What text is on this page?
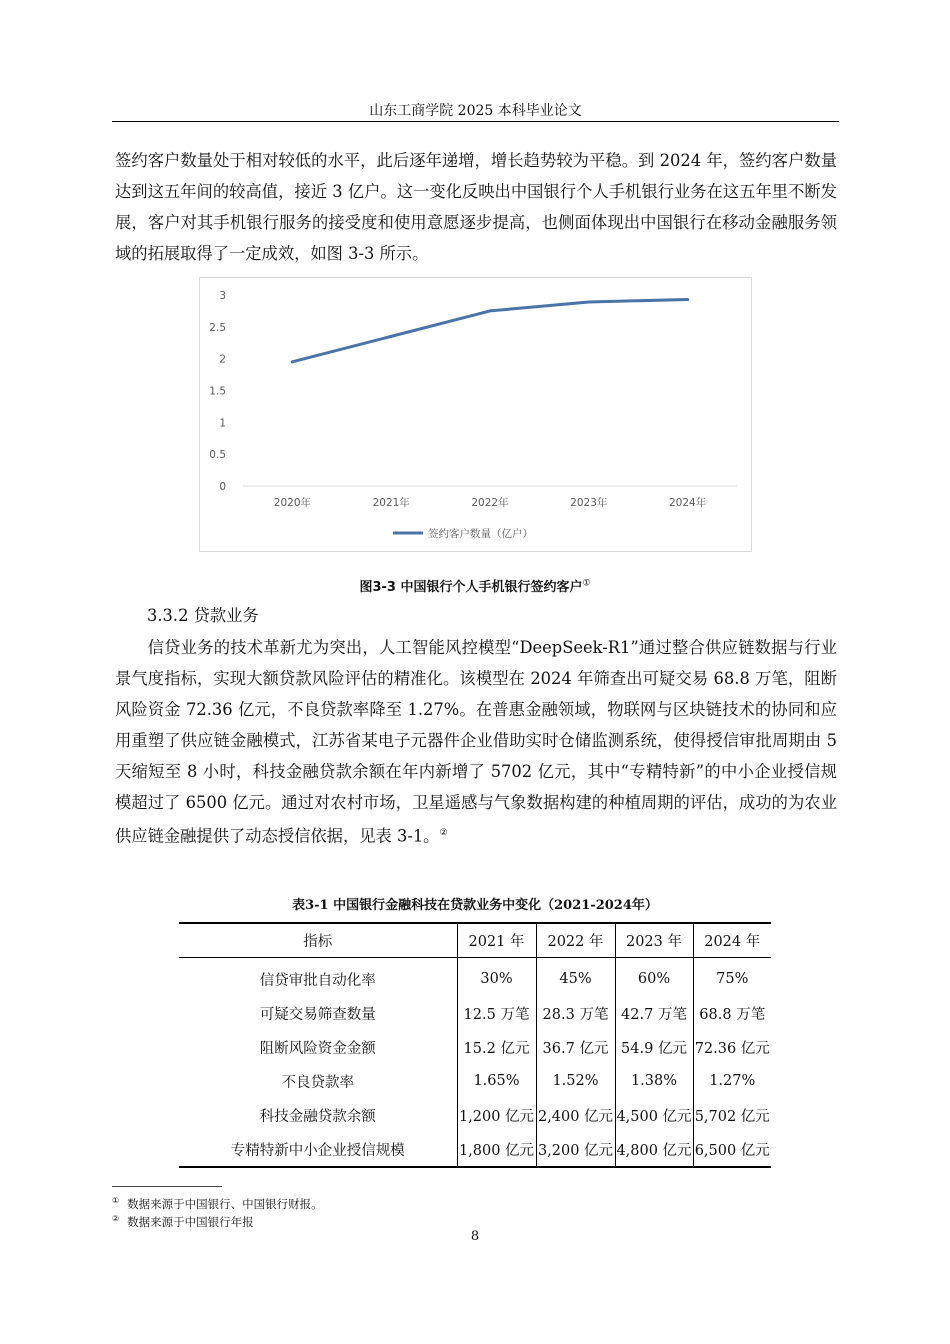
山东工商学院 2025 本科毕业论文

签约客户数量处于相对较低的水平，此后逐年递增，增长趋势较为平稳。到 2024 年，签约客户数量达到这五年间的较高值，接近 3 亿户。这一变化反映出中国银行个人手机银行业务在这五年里不断发展，客户对其手机银行服务的接受度和使用意愿逐步提高，也侧面体现出中国银行在移动金融服务领域的拓展取得了一定成效，如图 3-3 所示。

0
0.5
1
1.5
2
2.5
3
2020年	2021年	2022年	2023年	2024年
签约客户数量（亿户）
图3-3 中国银行个人手机银行签约客户①
3.3.2 贷款业务

信贷业务的技术革新尤为突出，人工智能风控模型“DeepSeek-R1”通过整合供应链数据与行业景气度指标，实现大额贷款风险评估的精准化。该模型在 2024 年筛查出可疑交易 68.8 万笔，阻断风险资金 72.36 亿元，不良贷款率降至 1.27%。在普惠金融领域，物联网与区块链技术的协同和应用重塑了供应链金融模式，江苏省某电子元器件企业借助实时仓储监测系统，使得授信审批周期由 5 天缩短至 8 小时，科技金融贷款余额在年内新增了 5702 亿元，其中“专精特新”的中小企业授信规模超过了 6500 亿元。通过对农村市场，卫星遥感与气象数据构建的种植周期的评估，成功的为农业供应链金融提供了动态授信依据，见表 3-1。②

表3-1 中国银行金融科技在贷款业务中变化（2021-2024年）
指标	2021 年	2022 年	2023 年	2024 年
信贷审批自动化率	30%	45%	60%	75%
可疑交易筛查数量	12.5 万笔	28.3 万笔	42.7 万笔	68.8 万笔
阻断风险资金金额	15.2 亿元	36.7 亿元	54.9 亿元	72.36 亿元
不良贷款率	1.65%	1.52%	1.38%	1.27%
科技金融贷款余额	1,200 亿元	2,400 亿元	4,500 亿元	5,702 亿元
专精特新中小企业授信规模	1,800 亿元	3,200 亿元	4,800 亿元	6,500 亿元
① 数据来源于中国银行、中国银行财报。
② 数据来源于中国银行年报
8
